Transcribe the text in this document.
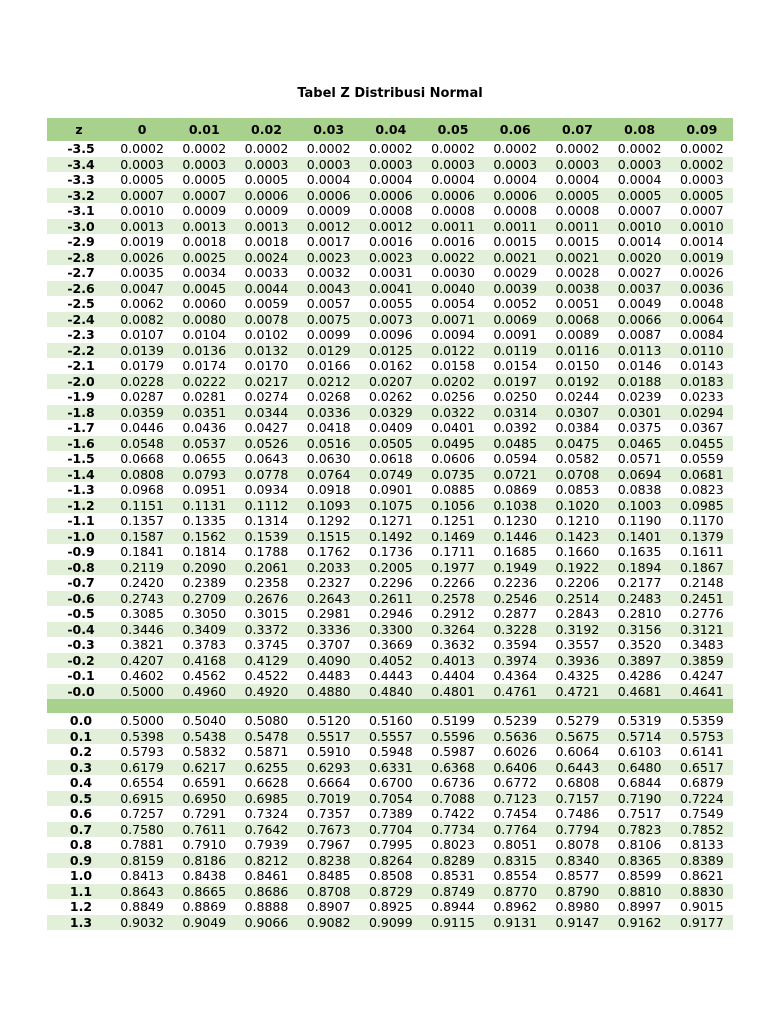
Tabel Z Distribusi Normal
z	0	0.01	0.02	0.03	0.04	0.05	0.06	0.07	0.08	0.09
-3.5	0.0002	0.0002	0.0002	0.0002	0.0002	0.0002	0.0002	0.0002	0.0002	0.0002
-3.4	0.0003	0.0003	0.0003	0.0003	0.0003	0.0003	0.0003	0.0003	0.0003	0.0002
-3.3	0.0005	0.0005	0.0005	0.0004	0.0004	0.0004	0.0004	0.0004	0.0004	0.0003
-3.2	0.0007	0.0007	0.0006	0.0006	0.0006	0.0006	0.0006	0.0005	0.0005	0.0005
-3.1	0.0010	0.0009	0.0009	0.0009	0.0008	0.0008	0.0008	0.0008	0.0007	0.0007
-3.0	0.0013	0.0013	0.0013	0.0012	0.0012	0.0011	0.0011	0.0011	0.0010	0.0010
-2.9	0.0019	0.0018	0.0018	0.0017	0.0016	0.0016	0.0015	0.0015	0.0014	0.0014
-2.8	0.0026	0.0025	0.0024	0.0023	0.0023	0.0022	0.0021	0.0021	0.0020	0.0019
-2.7	0.0035	0.0034	0.0033	0.0032	0.0031	0.0030	0.0029	0.0028	0.0027	0.0026
-2.6	0.0047	0.0045	0.0044	0.0043	0.0041	0.0040	0.0039	0.0038	0.0037	0.0036
-2.5	0.0062	0.0060	0.0059	0.0057	0.0055	0.0054	0.0052	0.0051	0.0049	0.0048
-2.4	0.0082	0.0080	0.0078	0.0075	0.0073	0.0071	0.0069	0.0068	0.0066	0.0064
-2.3	0.0107	0.0104	0.0102	0.0099	0.0096	0.0094	0.0091	0.0089	0.0087	0.0084
-2.2	0.0139	0.0136	0.0132	0.0129	0.0125	0.0122	0.0119	0.0116	0.0113	0.0110
-2.1	0.0179	0.0174	0.0170	0.0166	0.0162	0.0158	0.0154	0.0150	0.0146	0.0143
-2.0	0.0228	0.0222	0.0217	0.0212	0.0207	0.0202	0.0197	0.0192	0.0188	0.0183
-1.9	0.0287	0.0281	0.0274	0.0268	0.0262	0.0256	0.0250	0.0244	0.0239	0.0233
-1.8	0.0359	0.0351	0.0344	0.0336	0.0329	0.0322	0.0314	0.0307	0.0301	0.0294
-1.7	0.0446	0.0436	0.0427	0.0418	0.0409	0.0401	0.0392	0.0384	0.0375	0.0367
-1.6	0.0548	0.0537	0.0526	0.0516	0.0505	0.0495	0.0485	0.0475	0.0465	0.0455
-1.5	0.0668	0.0655	0.0643	0.0630	0.0618	0.0606	0.0594	0.0582	0.0571	0.0559
-1.4	0.0808	0.0793	0.0778	0.0764	0.0749	0.0735	0.0721	0.0708	0.0694	0.0681
-1.3	0.0968	0.0951	0.0934	0.0918	0.0901	0.0885	0.0869	0.0853	0.0838	0.0823
-1.2	0.1151	0.1131	0.1112	0.1093	0.1075	0.1056	0.1038	0.1020	0.1003	0.0985
-1.1	0.1357	0.1335	0.1314	0.1292	0.1271	0.1251	0.1230	0.1210	0.1190	0.1170
-1.0	0.1587	0.1562	0.1539	0.1515	0.1492	0.1469	0.1446	0.1423	0.1401	0.1379
-0.9	0.1841	0.1814	0.1788	0.1762	0.1736	0.1711	0.1685	0.1660	0.1635	0.1611
-0.8	0.2119	0.2090	0.2061	0.2033	0.2005	0.1977	0.1949	0.1922	0.1894	0.1867
-0.7	0.2420	0.2389	0.2358	0.2327	0.2296	0.2266	0.2236	0.2206	0.2177	0.2148
-0.6	0.2743	0.2709	0.2676	0.2643	0.2611	0.2578	0.2546	0.2514	0.2483	0.2451
-0.5	0.3085	0.3050	0.3015	0.2981	0.2946	0.2912	0.2877	0.2843	0.2810	0.2776
-0.4	0.3446	0.3409	0.3372	0.3336	0.3300	0.3264	0.3228	0.3192	0.3156	0.3121
-0.3	0.3821	0.3783	0.3745	0.3707	0.3669	0.3632	0.3594	0.3557	0.3520	0.3483
-0.2	0.4207	0.4168	0.4129	0.4090	0.4052	0.4013	0.3974	0.3936	0.3897	0.3859
-0.1	0.4602	0.4562	0.4522	0.4483	0.4443	0.4404	0.4364	0.4325	0.4286	0.4247
-0.0	0.5000	0.4960	0.4920	0.4880	0.4840	0.4801	0.4761	0.4721	0.4681	0.4641

0.0	0.5000	0.5040	0.5080	0.5120	0.5160	0.5199	0.5239	0.5279	0.5319	0.5359
0.1	0.5398	0.5438	0.5478	0.5517	0.5557	0.5596	0.5636	0.5675	0.5714	0.5753
0.2	0.5793	0.5832	0.5871	0.5910	0.5948	0.5987	0.6026	0.6064	0.6103	0.6141
0.3	0.6179	0.6217	0.6255	0.6293	0.6331	0.6368	0.6406	0.6443	0.6480	0.6517
0.4	0.6554	0.6591	0.6628	0.6664	0.6700	0.6736	0.6772	0.6808	0.6844	0.6879
0.5	0.6915	0.6950	0.6985	0.7019	0.7054	0.7088	0.7123	0.7157	0.7190	0.7224
0.6	0.7257	0.7291	0.7324	0.7357	0.7389	0.7422	0.7454	0.7486	0.7517	0.7549
0.7	0.7580	0.7611	0.7642	0.7673	0.7704	0.7734	0.7764	0.7794	0.7823	0.7852
0.8	0.7881	0.7910	0.7939	0.7967	0.7995	0.8023	0.8051	0.8078	0.8106	0.8133
0.9	0.8159	0.8186	0.8212	0.8238	0.8264	0.8289	0.8315	0.8340	0.8365	0.8389
1.0	0.8413	0.8438	0.8461	0.8485	0.8508	0.8531	0.8554	0.8577	0.8599	0.8621
1.1	0.8643	0.8665	0.8686	0.8708	0.8729	0.8749	0.8770	0.8790	0.8810	0.8830
1.2	0.8849	0.8869	0.8888	0.8907	0.8925	0.8944	0.8962	0.8980	0.8997	0.9015
1.3	0.9032	0.9049	0.9066	0.9082	0.9099	0.9115	0.9131	0.9147	0.9162	0.9177
